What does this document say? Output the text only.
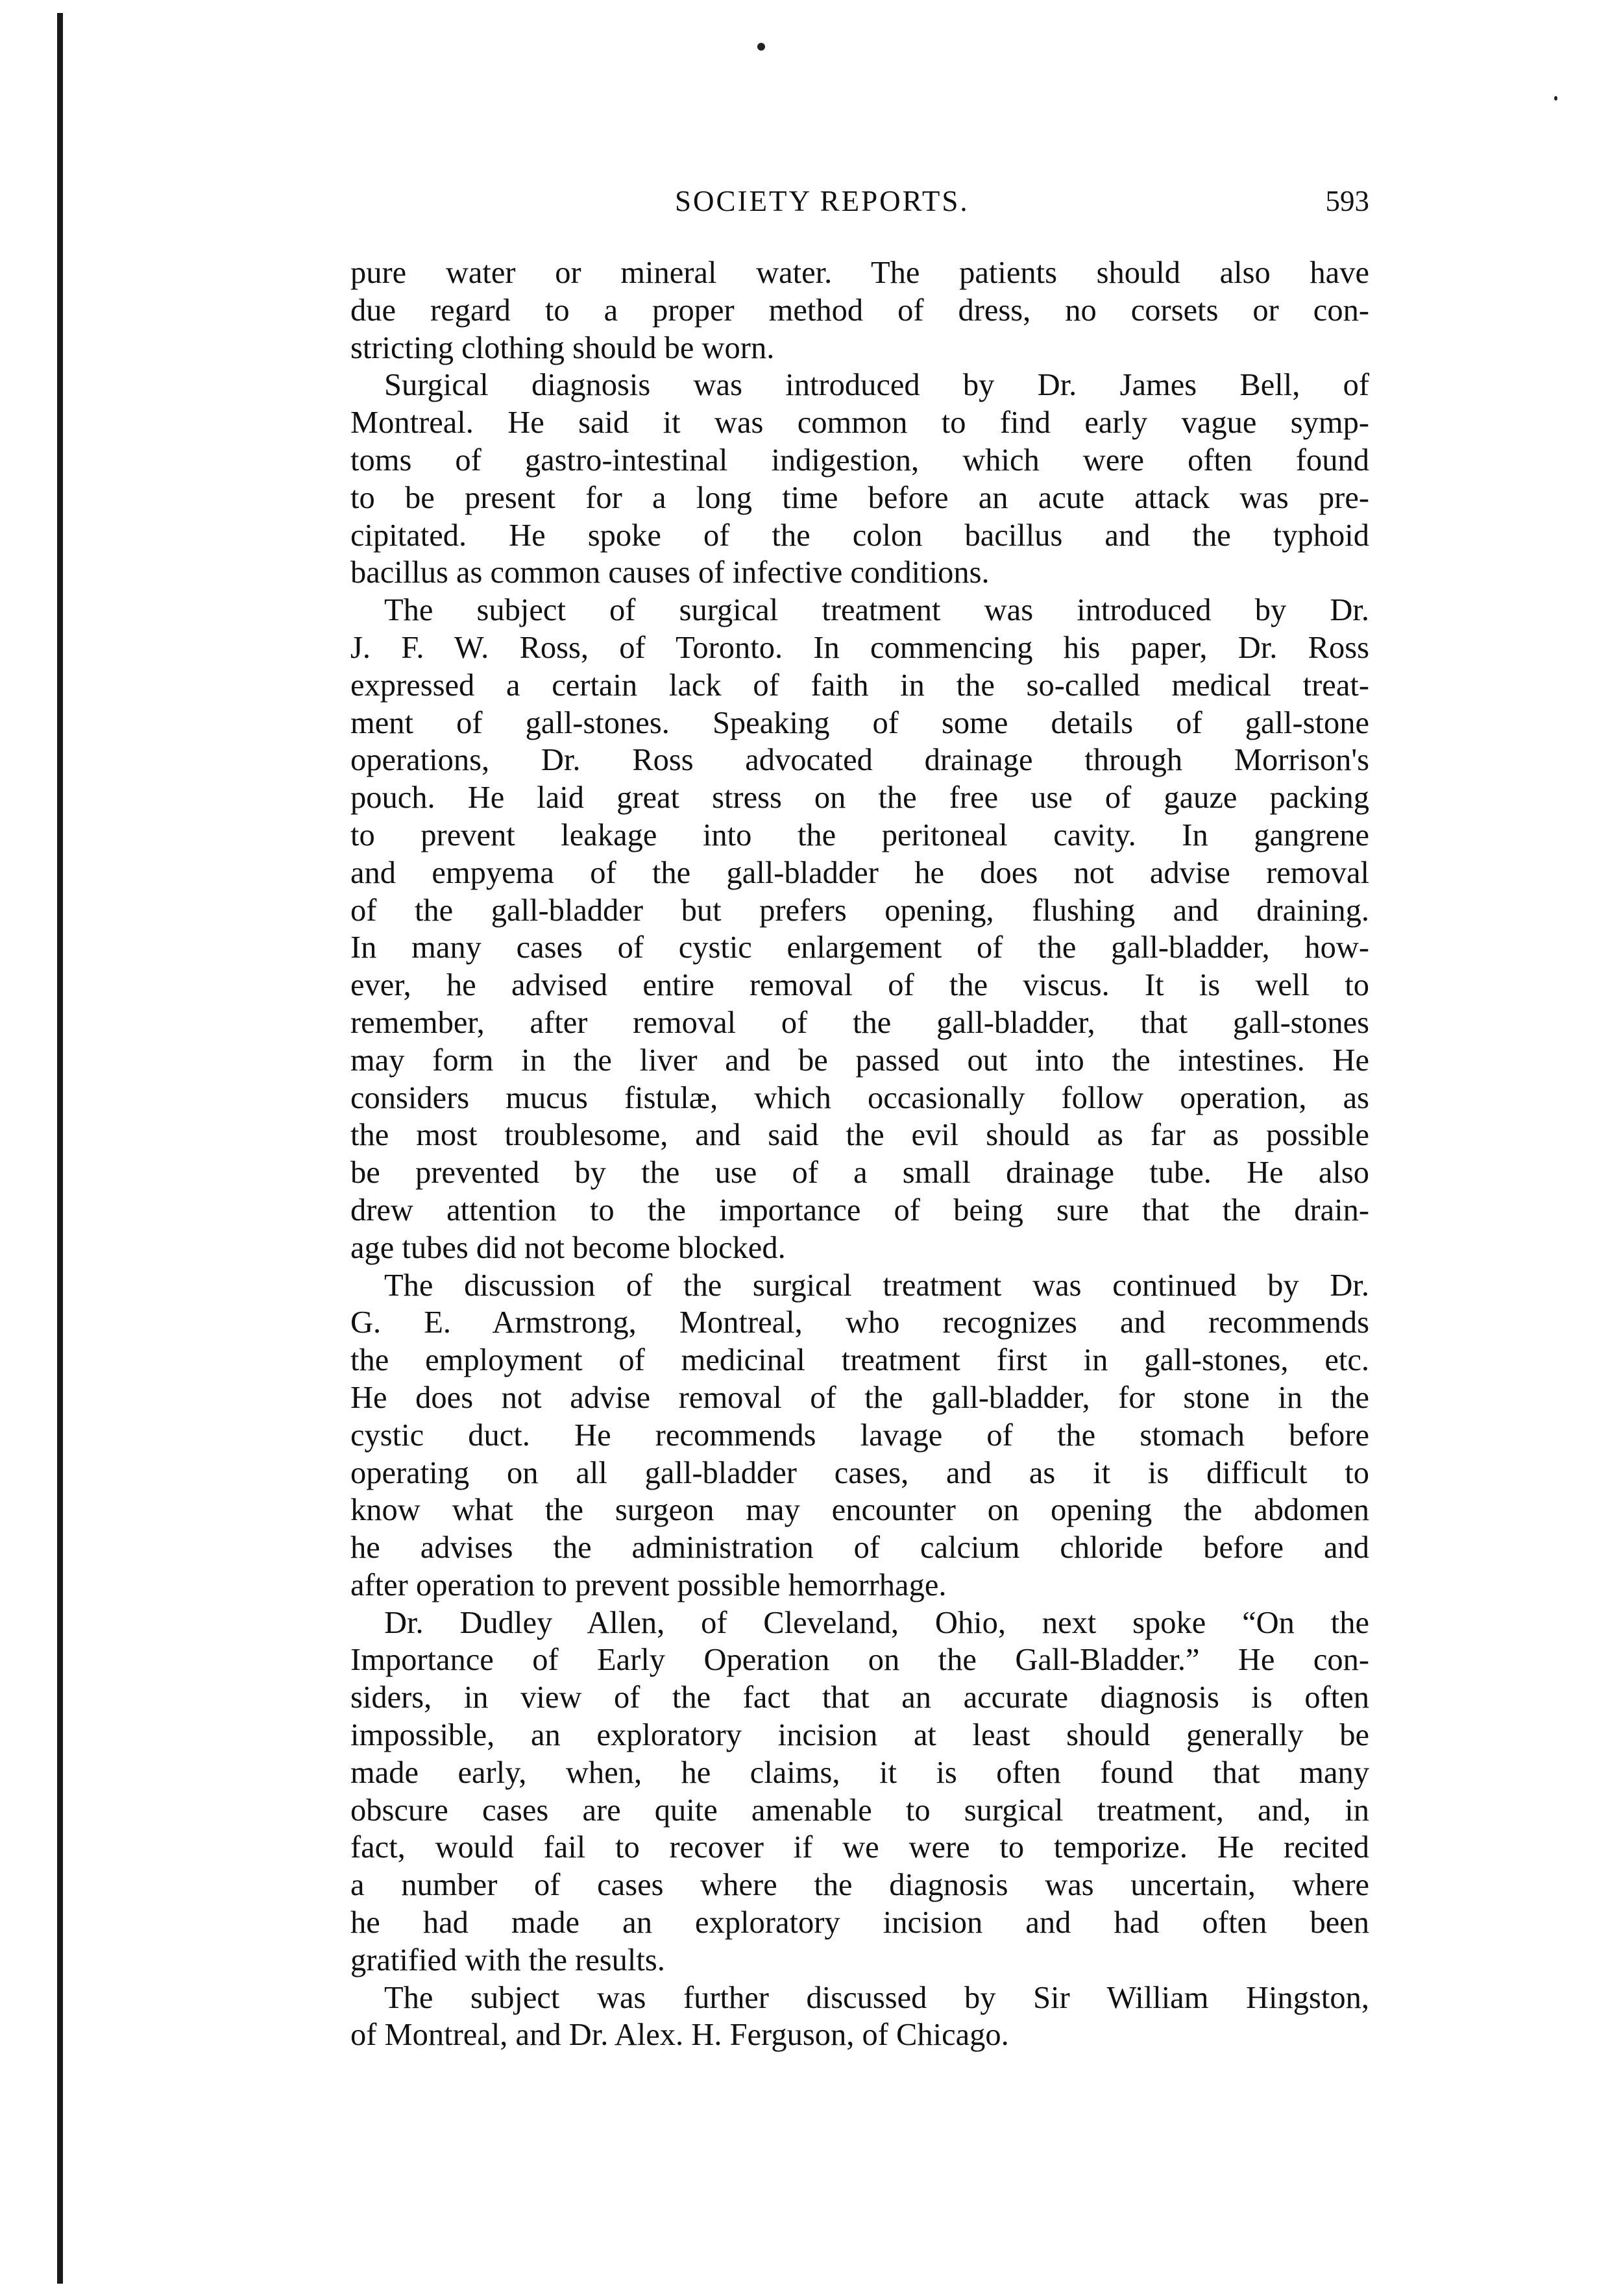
SOCIETY REPORTS.	593
pure water or mineral water. The patients should also have
due regard to a proper method of dress, no corsets or con-
stricting clothing should be worn.
Surgical diagnosis was introduced by Dr. James Bell, of
Montreal. He said it was common to find early vague symp-
toms of gastro-intestinal indigestion, which were often found
to be present for a long time before an acute attack was pre-
cipitated. He spoke of the colon bacillus and the typhoid
bacillus as common causes of infective conditions.
The subject of surgical treatment was introduced by Dr.
J. F. W. Ross, of Toronto. In commencing his paper, Dr. Ross
expressed a certain lack of faith in the so-called medical treat-
ment of gall-stones. Speaking of some details of gall-stone
operations, Dr. Ross advocated drainage through Morrison's
pouch. He laid great stress on the free use of gauze packing
to prevent leakage into the peritoneal cavity. In gangrene
and empyema of the gall-bladder he does not advise removal
of the gall-bladder but prefers opening, flushing and draining.
In many cases of cystic enlargement of the gall-bladder, how-
ever, he advised entire removal of the viscus. It is well to
remember, after removal of the gall-bladder, that gall-stones
may form in the liver and be passed out into the intestines. He
considers mucus fistulæ, which occasionally follow operation, as
the most troublesome, and said the evil should as far as possible
be prevented by the use of a small drainage tube. He also
drew attention to the importance of being sure that the drain-
age tubes did not become blocked.
The discussion of the surgical treatment was continued by Dr.
G. E. Armstrong, Montreal, who recognizes and recommends
the employment of medicinal treatment first in gall-stones, etc.
He does not advise removal of the gall-bladder, for stone in the
cystic duct. He recommends lavage of the stomach before
operating on all gall-bladder cases, and as it is difficult to
know what the surgeon may encounter on opening the abdomen
he advises the administration of calcium chloride before and
after operation to prevent possible hemorrhage.
Dr. Dudley Allen, of Cleveland, Ohio, next spoke “On the
Importance of Early Operation on the Gall-Bladder.” He con-
siders, in view of the fact that an accurate diagnosis is often
impossible, an exploratory incision at least should generally be
made early, when, he claims, it is often found that many
obscure cases are quite amenable to surgical treatment, and, in
fact, would fail to recover if we were to temporize. He recited
a number of cases where the diagnosis was uncertain, where
he had made an exploratory incision and had often been
gratified with the results.
The subject was further discussed by Sir William Hingston,
of Montreal, and Dr. Alex. H. Ferguson, of Chicago.
